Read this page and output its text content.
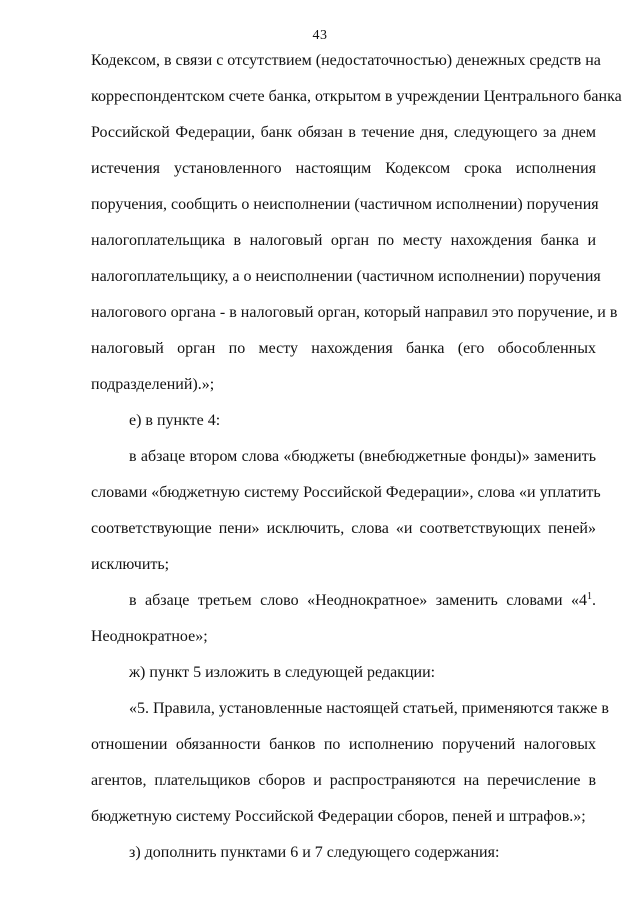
43
Кодексом, в связи с отсутствием (недостаточностью) денежных средств на
корреспондентском счете банка, открытом в учреждении Центрального банка
Российской Федерации, банк обязан в течение дня, следующего за днем
истечения установленного настоящим Кодексом срока исполнения
поручения, сообщить о неисполнении (частичном исполнении) поручения
налогоплательщика в налоговый орган по месту нахождения банка и
налогоплательщику, а о неисполнении (частичном исполнении) поручения
налогового органа - в налоговый орган, который направил это поручение, и в
налоговый орган по месту нахождения банка (его обособленных
подразделений).»;
е) в пункте 4:
в абзаце втором слова «бюджеты (внебюджетные фонды)» заменить
словами «бюджетную систему Российской Федерации», слова «и уплатить
соответствующие пени» исключить, слова «и соответствующих пеней»
исключить;
в абзаце третьем слово «Неоднократное» заменить словами «$4^1$.
Неоднократное»;
ж) пункт 5 изложить в следующей редакции:
«5. Правила, установленные настоящей статьей, применяются также в
отношении обязанности банков по исполнению поручений налоговых
агентов, плательщиков сборов и распространяются на перечисление в
бюджетную систему Российской Федерации сборов, пеней и штрафов.»;
з) дополнить пунктами 6 и 7 следующего содержания:
